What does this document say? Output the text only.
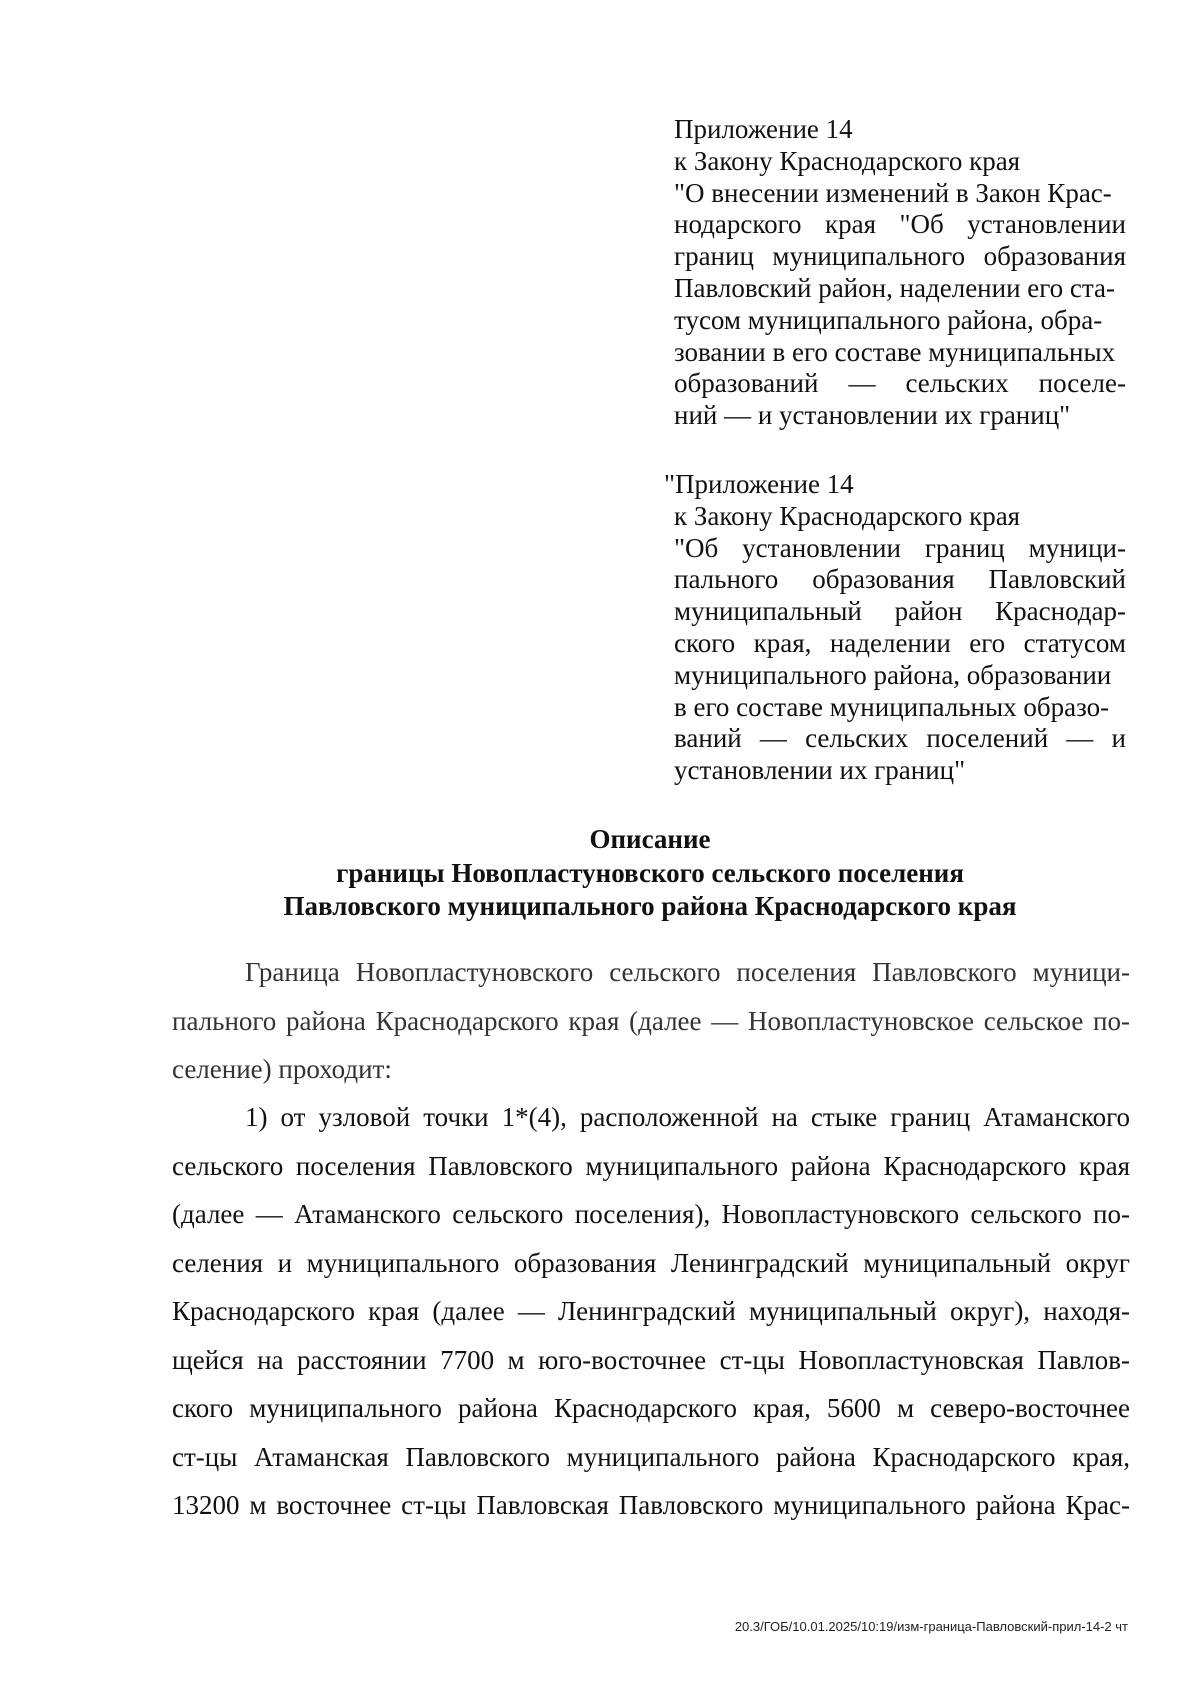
Приложение 14
к Закону Краснодарского края
"О внесении изменений в Закон Крас-
нодарского края "Об установлении
границ муниципального образования
Павловский район, наделении его ста-
тусом муниципального района, обра-
зовании в его составе муниципальных
образований — сельских поселе-
ний — и установлении их границ"
"Приложение 14
к Закону Краснодарского края
"Об установлении границ муници-
пального образования Павловский
муниципальный район Краснодар-
ского края, наделении его статусом
муниципального района, образовании
в его составе муниципальных образо-
ваний — сельских поселений — и
установлении их границ"
Описание
границы Новопластуновского сельского поселения
Павловского муниципального района Краснодарского края
Граница Новопластуновского сельского поселения Павловского муници-
пального района Краснодарского края (далее — Новопластуновское сельское по-
селение) проходит:
1) от узловой точки 1*(4), расположенной на стыке границ Атаманского
сельского поселения Павловского муниципального района Краснодарского края
(далее — Атаманского сельского поселения), Новопластуновского сельского по-
селения и муниципального образования Ленинградский муниципальный округ
Краснодарского края (далее — Ленинградский муниципальный округ), находя-
щейся на расстоянии 7700 м юго-восточнее ст-цы Новопластуновская Павлов-
ского муниципального района Краснодарского края, 5600 м северо-восточнее
ст-цы Атаманская Павловского муниципального района Краснодарского края,
13200 м восточнее ст-цы Павловская Павловского муниципального района Крас-
20.3/ГОБ/10.01.2025/10:19/изм-граница-Павловский-прил-14-2 чт
